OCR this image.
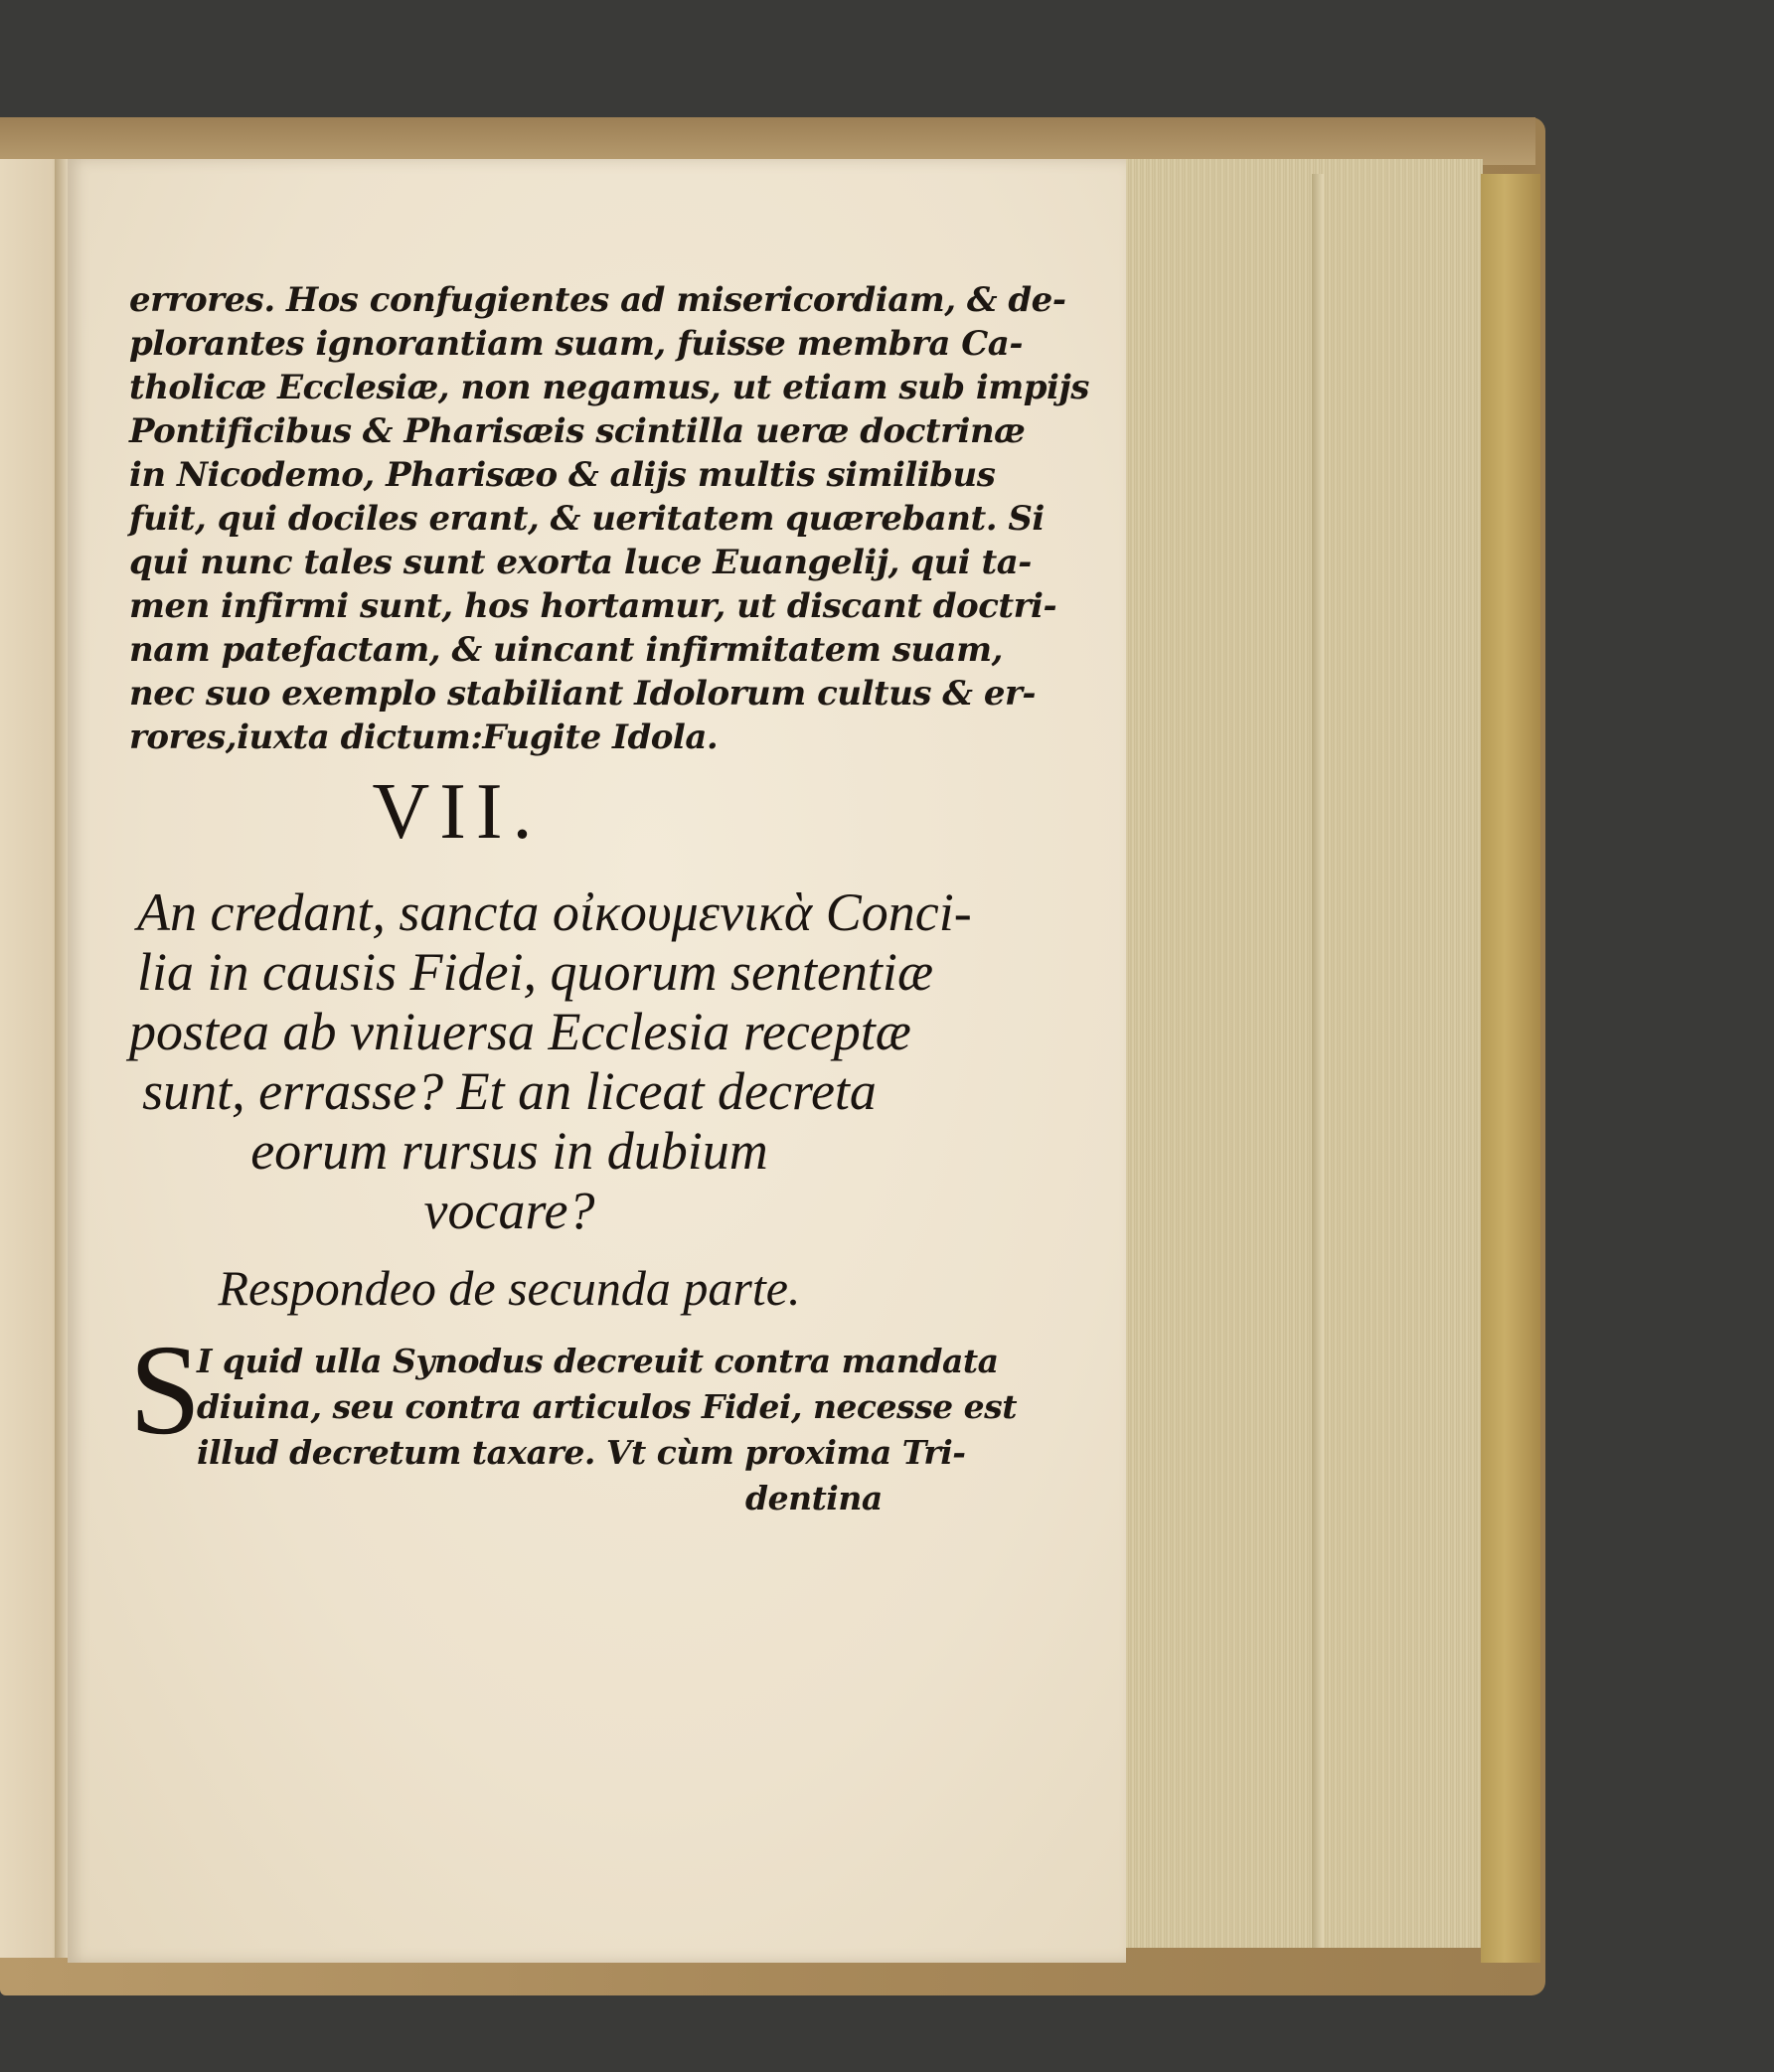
errores. Hos confugientes ad misericordiam, & de-
plorantes ignorantiam suam, fuisse membra Ca-
tholicæ Ecclesiæ, non negamus, ut etiam sub impijs
Pontificibus & Pharisæis scintilla ueræ doctrinæ
in Nicodemo, Pharisæo & alijs multis similibus
fuit, qui dociles erant, & ueritatem quærebant. Si
qui nunc tales sunt exorta luce Euangelij, qui ta-
men infirmi sunt, hos hortamur, ut discant doctri-
nam patefactam, & uincant infirmitatem suam,
nec suo exemplo stabiliant Idolorum cultus & er-
rores,iuxta dictum:Fugite Idola.
VII.
An credant, sancta οἰκουμενικὰ Conci-
lia in causis Fidei, quorum sententiæ
postea ab vniuersa Ecclesia receptæ
sunt, errasse? Et an liceat decreta
eorum rursus in dubium
vocare?
Respondeo de secunda parte.
S
I quid ulla Synodus decreuit contra mandata
diuina, seu contra articulos Fidei, necesse est
illud decretum taxare. Vt cùm proxima Tri-
dentina
